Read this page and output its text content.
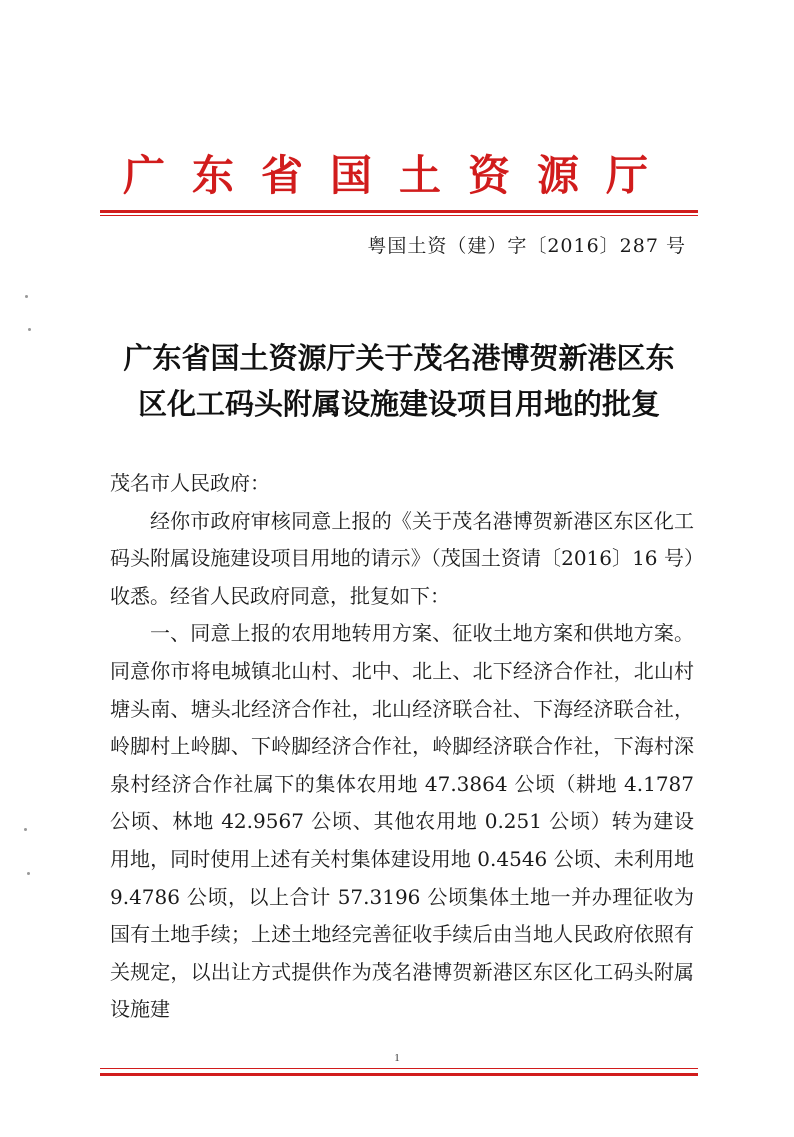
广东省国土资源厅
粤国土资（建）字〔2016〕287 号
广东省国土资源厅关于茂名港博贺新港区东
区化工码头附属设施建设项目用地的批复

茂名市人民政府：

经你市政府审核同意上报的《关于茂名港博贺新港区东区化工码头附属设施建设项目用地的请示》（茂国土资请〔2016〕16 号）收悉。经省人民政府同意，批复如下：

一、同意上报的农用地转用方案、征收土地方案和供地方案。同意你市将电城镇北山村、北中、北上、北下经济合作社，北山村塘头南、塘头北经济合作社，北山经济联合社、下海经济联合社，岭脚村上岭脚、下岭脚经济合作社，岭脚经济联合作社，下海村深泉村经济合作社属下的集体农用地 47.3864 公顷（耕地 4.1787 公顷、林地 42.9567 公顷、其他农用地 0.251 公顷）转为建设用地，同时使用上述有关村集体建设用地 0.4546 公顷、未利用地 9.4786 公顷，以上合计 57.3196 公顷集体土地一并办理征收为国有土地手续；上述土地经完善征收手续后由当地人民政府依照有关规定，以出让方式提供作为茂名港博贺新港区东区化工码头附属设施建

1
